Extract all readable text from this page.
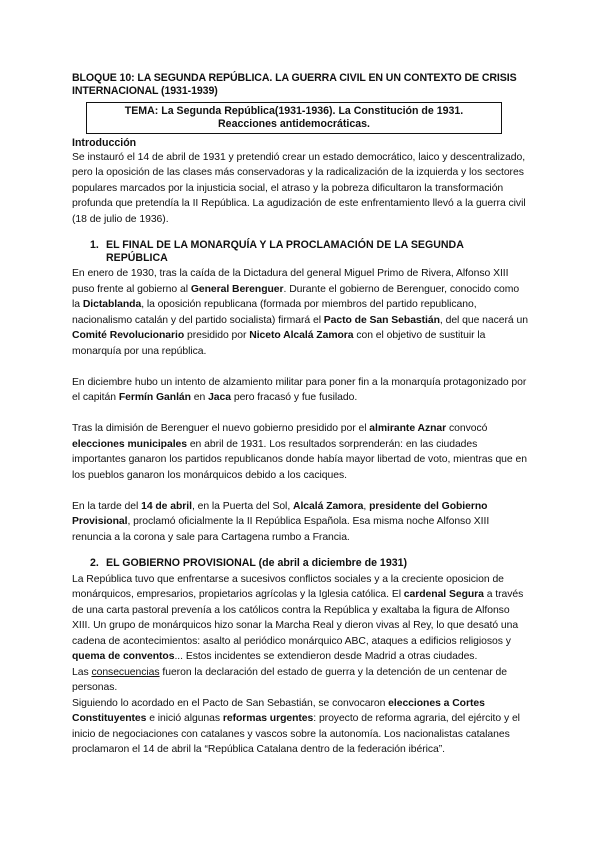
BLOQUE 10: LA SEGUNDA REPÚBLICA. LA GUERRA CIVIL EN UN CONTEXTO DE CRISIS INTERNACIONAL (1931-1939)
TEMA: La Segunda República(1931-1936). La Constitución de 1931.
Reacciones antidemocráticas.
Introducción

Se instauró el 14 de abril de 1931 y pretendió crear un estado democrático, laico y descentralizado, pero la oposición de las clases más conservadoras y la radicalización de la izquierda y los sectores populares marcados por la injusticia social, el atraso y la pobreza dificultaron la transformación profunda que pretendía la II República. La agudización de este enfrentamiento llevó a la guerra civil (18 de julio de 1936).

1. EL FINAL DE LA MONARQUÍA Y LA PROCLAMACIÓN DE LA SEGUNDA REPÚBLICA

En enero de 1930, tras la caída de la Dictadura del general Miguel Primo de Rivera, Alfonso XIII puso frente al gobierno al General Berenguer. Durante el gobierno de Berenguer, conocido como la Dictablanda, la oposición republicana (formada por miembros del partido republicano, nacionalismo catalán y del partido socialista) firmará el Pacto de San Sebastián, del que nacerá un Comité Revolucionario presidido por Niceto Alcalá Zamora con el objetivo de sustituir la monarquía por una república.

En diciembre hubo un intento de alzamiento militar para poner fin a la monarquía protagonizado por el capitán Fermín Ganlán en Jaca pero fracasó y fue fusilado.

Tras la dimisión de Berenguer el nuevo gobierno presidido por el almirante Aznar convocó elecciones municipales en abril de 1931. Los resultados sorprenderán: en las ciudades importantes ganaron los partidos republicanos donde había mayor libertad de voto, mientras que en los pueblos ganaron los monárquicos debido a los caciques.

En la tarde del 14 de abril, en la Puerta del Sol, Alcalá Zamora, presidente del Gobierno Provisional, proclamó oficialmente la II República Española. Esa misma noche Alfonso XIII renuncia a la corona y sale para Cartagena rumbo a Francia.

2. EL GOBIERNO PROVISIONAL (de abril a diciembre de 1931)

La República tuvo que enfrentarse a sucesivos conflictos sociales y a la creciente oposicion de monárquicos, empresarios, propietarios agrícolas y la Iglesia católica. El cardenal Segura a través de una carta pastoral prevenía a los católicos contra la República y exaltaba la figura de Alfonso XIII. Un grupo de monárquicos hizo sonar la Marcha Real y dieron vivas al Rey, lo que desató una cadena de acontecimientos: asalto al periódico monárquico ABC, ataques a edificios religiosos y quema de conventos... Estos incidentes se extendieron desde Madrid a otras ciudades.

Las consecuencias fueron la declaración del estado de guerra y la detención de un centenar de personas.

Siguiendo lo acordado en el Pacto de San Sebastián, se convocaron elecciones a Cortes Constituyentes e inició algunas reformas urgentes: proyecto de reforma agraria, del ejército y el inicio de negociaciones con catalanes y vascos sobre la autonomía. Los nacionalistas catalanes proclamaron el 14 de abril la “República Catalana dentro de la federación ibérica”.
